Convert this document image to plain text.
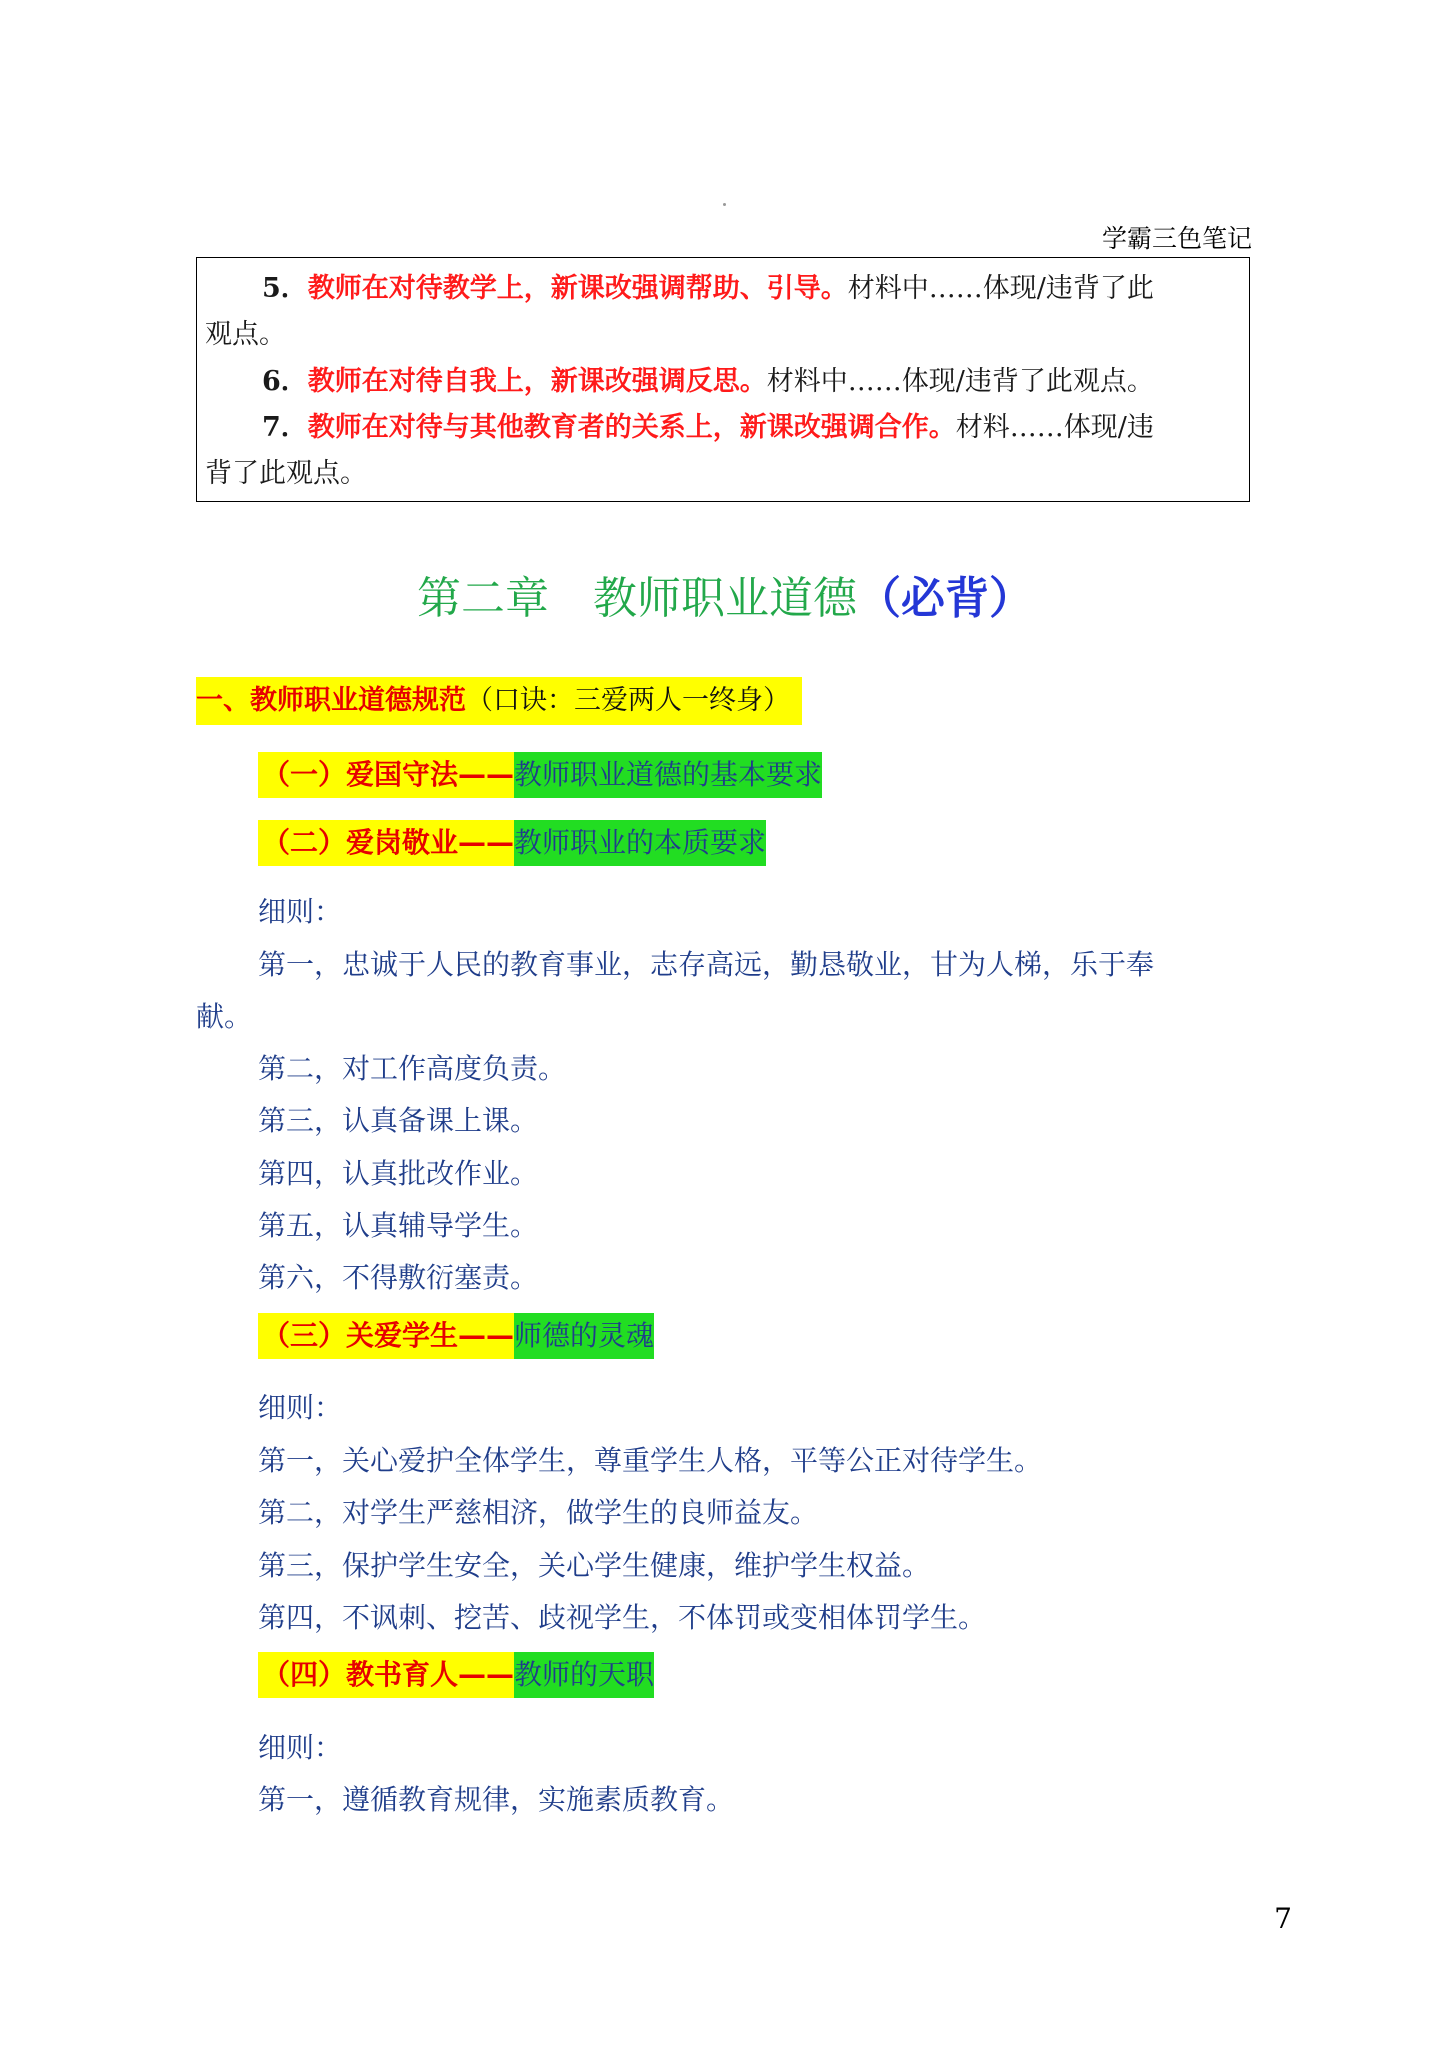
学霸三色笔记
5．教师在对待教学上，新课改强调帮助、引导。材料中……体现/违背了此
观点。
6．教师在对待自我上，新课改强调反思。材料中……体现/违背了此观点。
7．教师在对待与其他教育者的关系上，新课改强调合作。材料……体现/违
背了此观点。
第二章　教师职业道德（必背）
一、教师职业道德规范（口诀：三爱两人一终身）
（一）爱国守法——教师职业道德的基本要求
（二）爱岗敬业——教师职业的本质要求
细则：
第一，忠诚于人民的教育事业，志存高远，勤恳敬业，甘为人梯，乐于奉
献。
第二，对工作高度负责。
第三，认真备课上课。
第四，认真批改作业。
第五，认真辅导学生。
第六，不得敷衍塞责。
（三）关爱学生——师德的灵魂
细则：
第一，关心爱护全体学生，尊重学生人格，平等公正对待学生。
第二，对学生严慈相济，做学生的良师益友。
第三，保护学生安全，关心学生健康，维护学生权益。
第四，不讽刺、挖苦、歧视学生，不体罚或变相体罚学生。
（四）教书育人——教师的天职
细则：
第一，遵循教育规律，实施素质教育。
7
